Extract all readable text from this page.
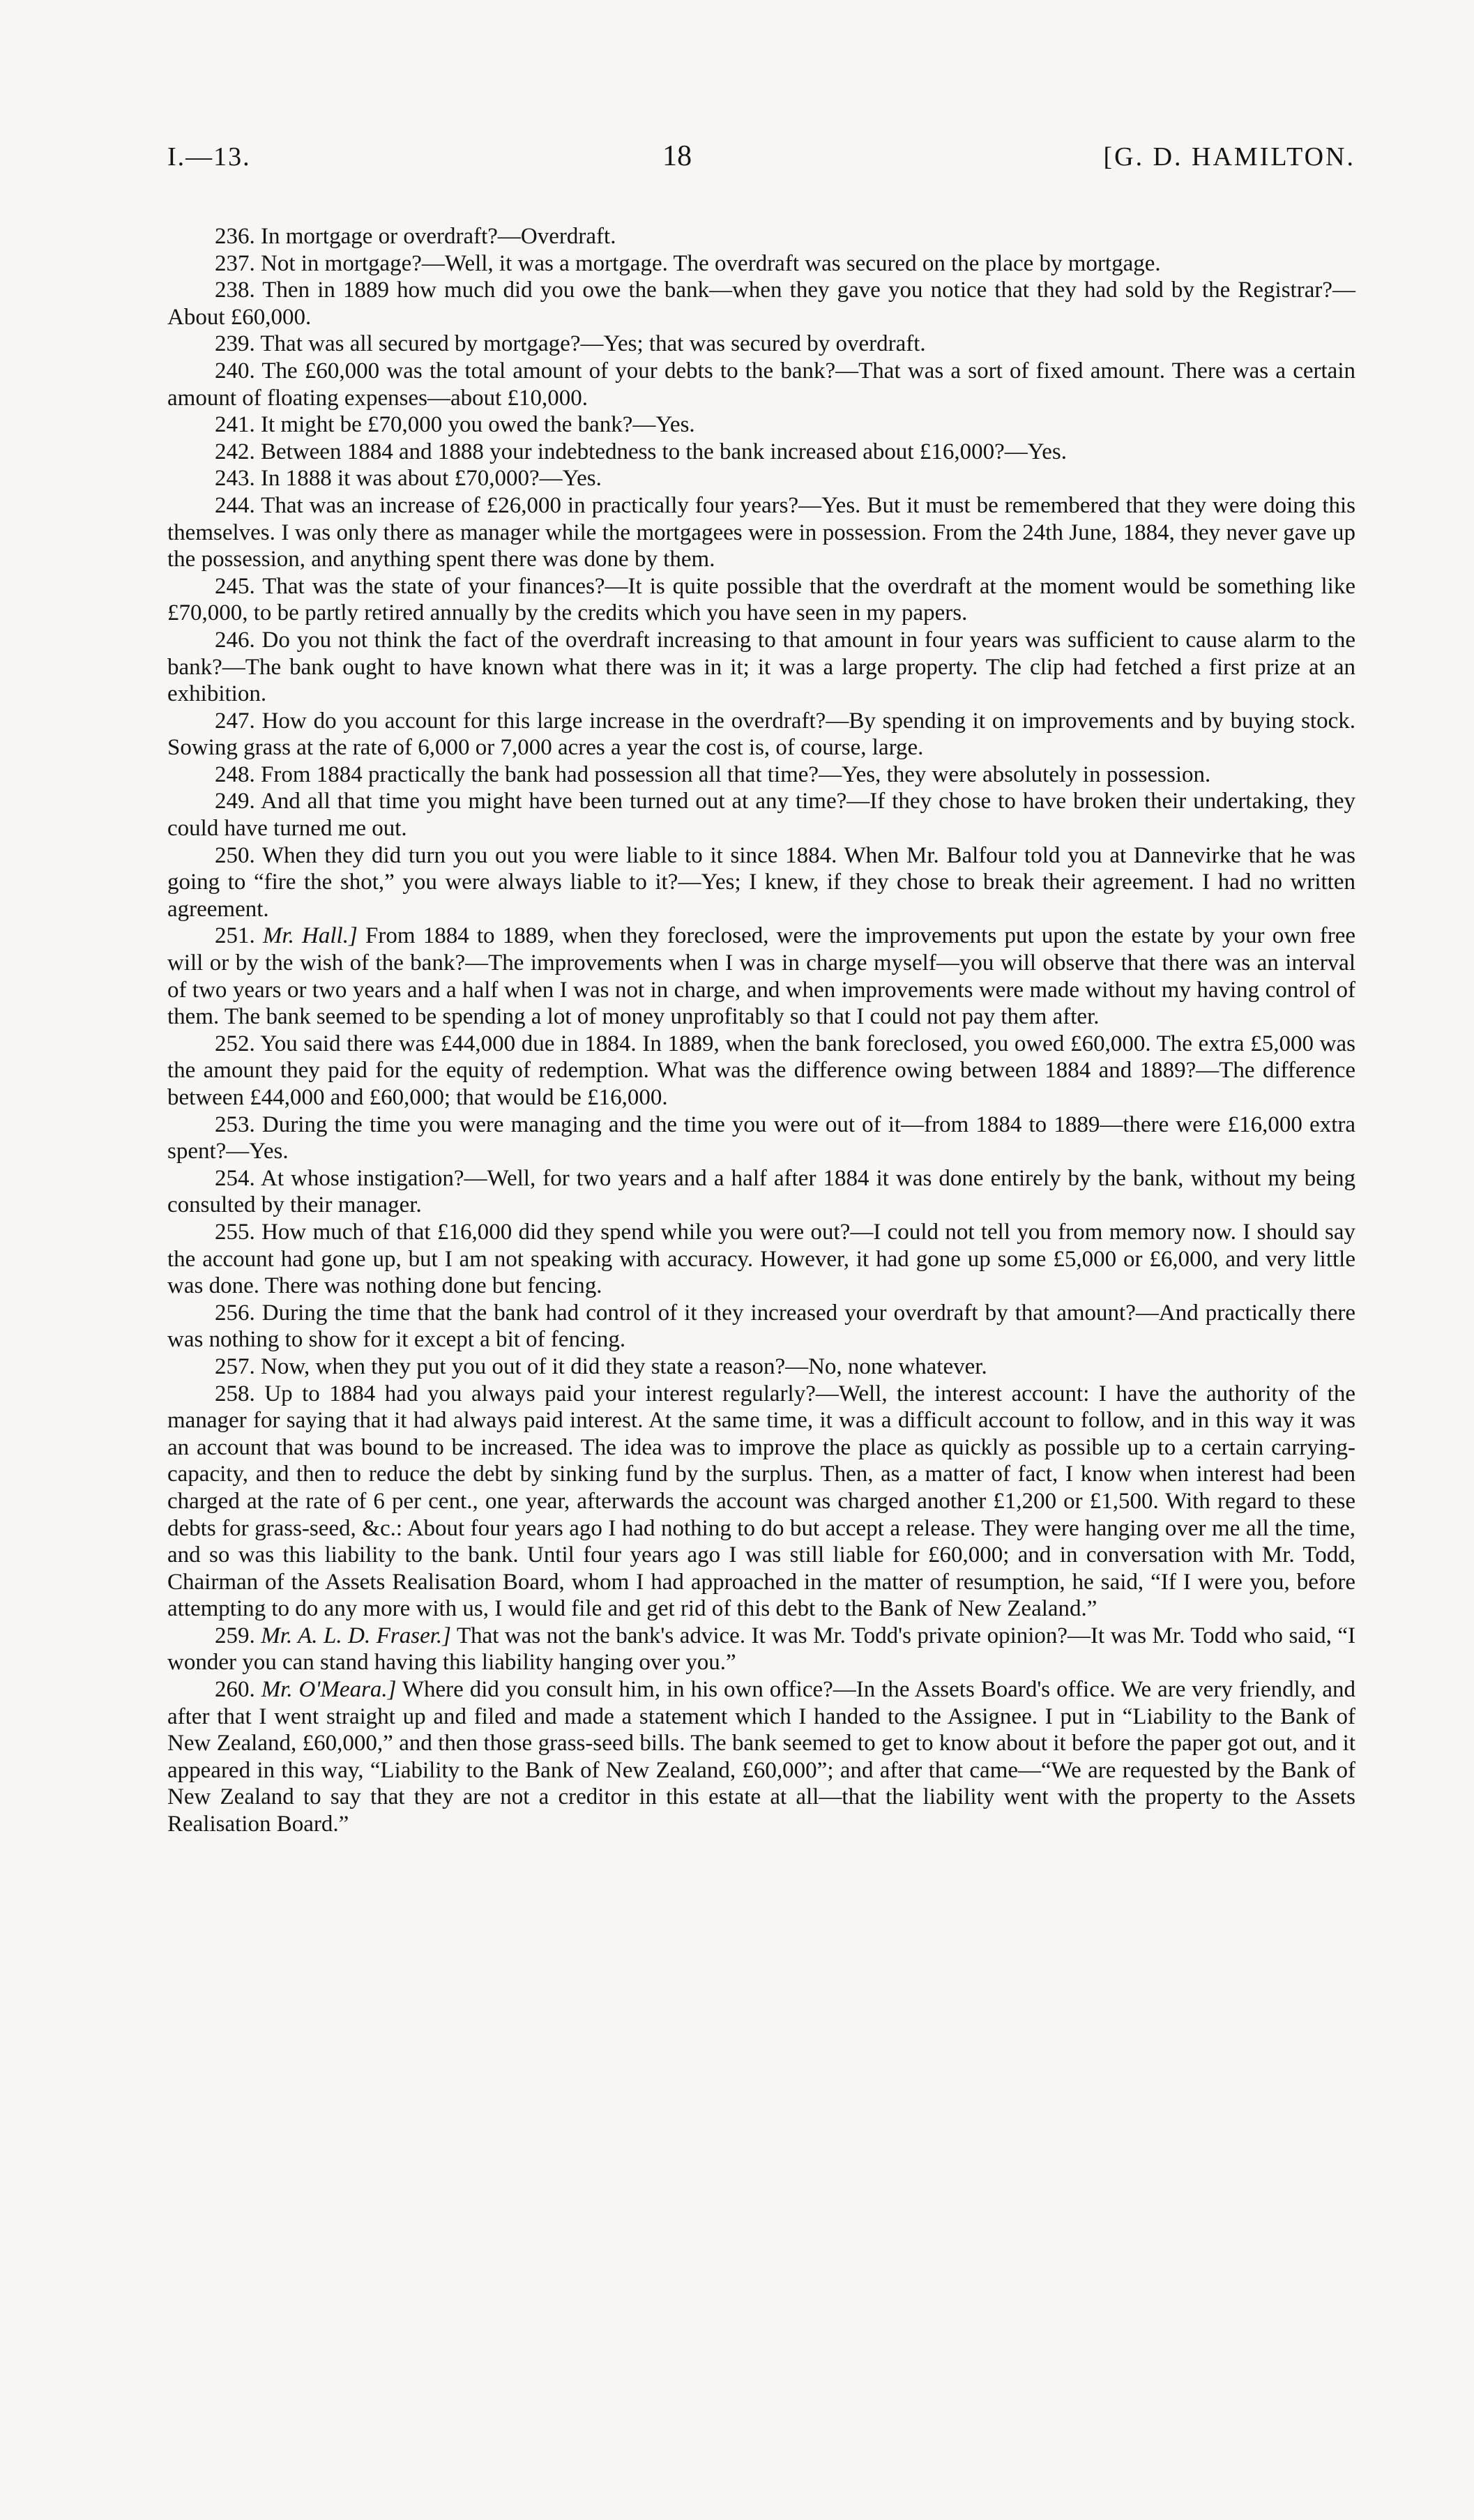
I.—13.	18	[G. D. HAMILTON.

236. In mortgage or overdraft?—Overdraft.

237. Not in mortgage?—Well, it was a mortgage. The overdraft was secured on the place by mortgage.

238. Then in 1889 how much did you owe the bank—when they gave you notice that they had sold by the Registrar?—About £60,000.

239. That was all secured by mortgage?—Yes; that was secured by overdraft.

240. The £60,000 was the total amount of your debts to the bank?—That was a sort of fixed amount. There was a certain amount of floating expenses—about £10,000.

241. It might be £70,000 you owed the bank?—Yes.

242. Between 1884 and 1888 your indebtedness to the bank increased about £16,000?—Yes.

243. In 1888 it was about £70,000?—Yes.

244. That was an increase of £26,000 in practically four years?—Yes. But it must be remembered that they were doing this themselves. I was only there as manager while the mortgagees were in possession. From the 24th June, 1884, they never gave up the possession, and anything spent there was done by them.

245. That was the state of your finances?—It is quite possible that the overdraft at the moment would be something like £70,000, to be partly retired annually by the credits which you have seen in my papers.

246. Do you not think the fact of the overdraft increasing to that amount in four years was sufficient to cause alarm to the bank?—The bank ought to have known what there was in it; it was a large property. The clip had fetched a first prize at an exhibition.

247. How do you account for this large increase in the overdraft?—By spending it on improvements and by buying stock. Sowing grass at the rate of 6,000 or 7,000 acres a year the cost is, of course, large.

248. From 1884 practically the bank had possession all that time?—Yes, they were absolutely in possession.

249. And all that time you might have been turned out at any time?—If they chose to have broken their undertaking, they could have turned me out.

250. When they did turn you out you were liable to it since 1884. When Mr. Balfour told you at Dannevirke that he was going to “fire the shot,” you were always liable to it?—Yes; I knew, if they chose to break their agreement. I had no written agreement.

251. Mr. Hall.] From 1884 to 1889, when they foreclosed, were the improvements put upon the estate by your own free will or by the wish of the bank?—The improvements when I was in charge myself—you will observe that there was an interval of two years or two years and a half when I was not in charge, and when improvements were made without my having control of them. The bank seemed to be spending a lot of money unprofitably so that I could not pay them after.

252. You said there was £44,000 due in 1884. In 1889, when the bank foreclosed, you owed £60,000. The extra £5,000 was the amount they paid for the equity of redemption. What was the difference owing between 1884 and 1889?—The difference between £44,000 and £60,000; that would be £16,000.

253. During the time you were managing and the time you were out of it—from 1884 to 1889—there were £16,000 extra spent?—Yes.

254. At whose instigation?—Well, for two years and a half after 1884 it was done entirely by the bank, without my being consulted by their manager.

255. How much of that £16,000 did they spend while you were out?—I could not tell you from memory now. I should say the account had gone up, but I am not speaking with accuracy. However, it had gone up some £5,000 or £6,000, and very little was done. There was nothing done but fencing.

256. During the time that the bank had control of it they increased your overdraft by that amount?—And practically there was nothing to show for it except a bit of fencing.

257. Now, when they put you out of it did they state a reason?—No, none whatever.

258. Up to 1884 had you always paid your interest regularly?—Well, the interest account: I have the authority of the manager for saying that it had always paid interest. At the same time, it was a difficult account to follow, and in this way it was an account that was bound to be increased. The idea was to improve the place as quickly as possible up to a certain carrying-capacity, and then to reduce the debt by sinking fund by the surplus. Then, as a matter of fact, I know when interest had been charged at the rate of 6 per cent., one year, afterwards the account was charged another £1,200 or £1,500. With regard to these debts for grass-seed, &c.: About four years ago I had nothing to do but accept a release. They were hanging over me all the time, and so was this liability to the bank. Until four years ago I was still liable for £60,000; and in conversation with Mr. Todd, Chairman of the Assets Realisation Board, whom I had approached in the matter of resumption, he said, “If I were you, before attempting to do any more with us, I would file and get rid of this debt to the Bank of New Zealand.”

259. Mr. A. L. D. Fraser.] That was not the bank's advice. It was Mr. Todd's private opinion?—It was Mr. Todd who said, “I wonder you can stand having this liability hanging over you.”

260. Mr. O'Meara.] Where did you consult him, in his own office?—In the Assets Board's office. We are very friendly, and after that I went straight up and filed and made a statement which I handed to the Assignee. I put in “Liability to the Bank of New Zealand, £60,000,” and then those grass-seed bills. The bank seemed to get to know about it before the paper got out, and it appeared in this way, “Liability to the Bank of New Zealand, £60,000”; and after that came—“We are requested by the Bank of New Zealand to say that they are not a creditor in this estate at all—that the liability went with the property to the Assets Realisation Board.”
